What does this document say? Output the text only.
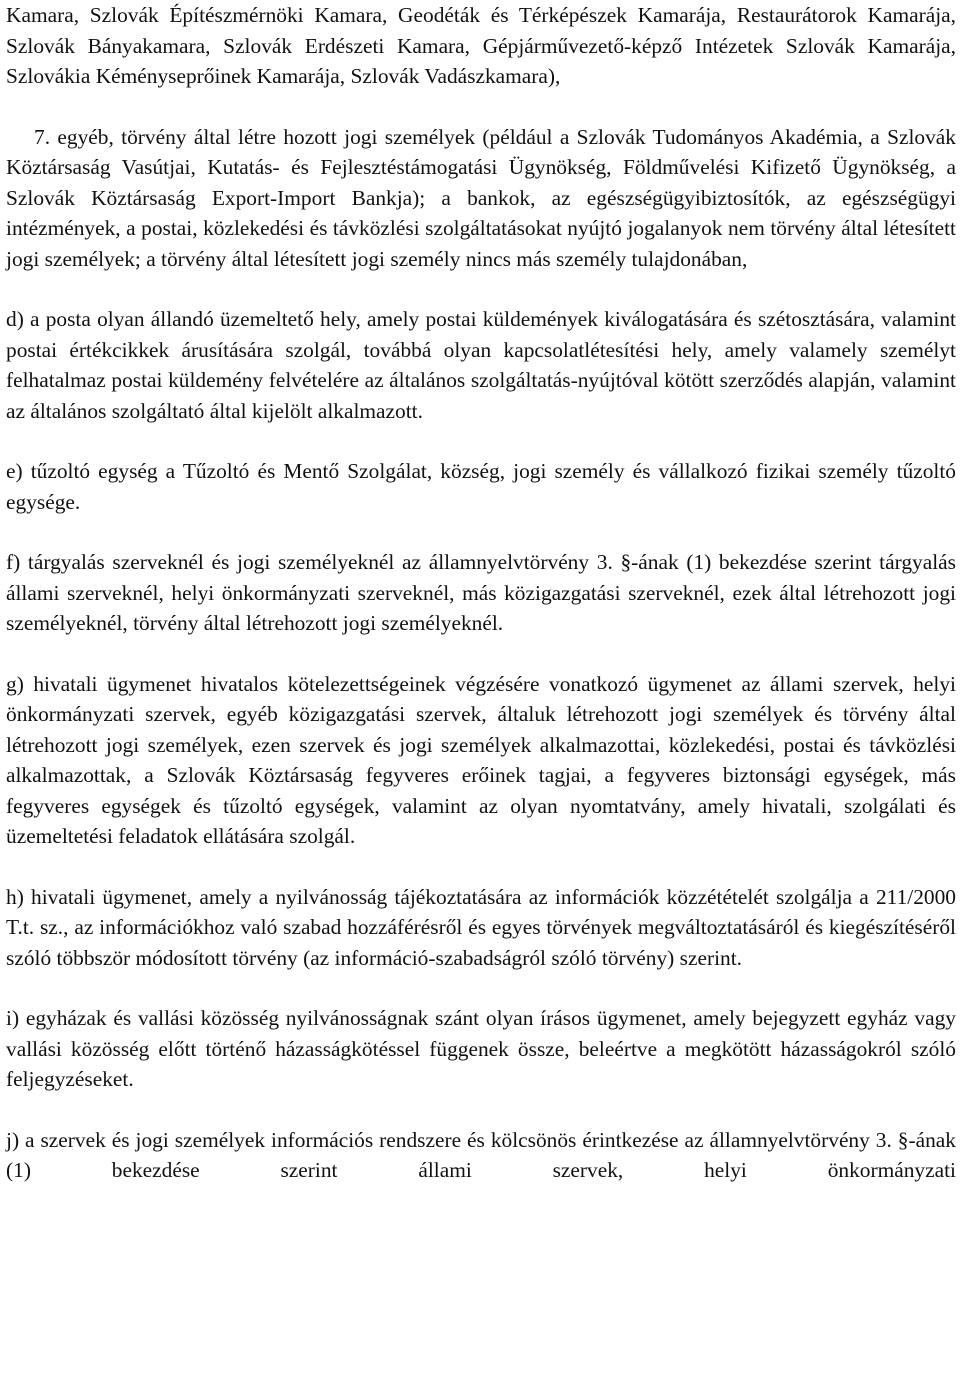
Kamara, Szlovák Építészmérnöki Kamara, Geodéták és Térképészek Kamarája, Restaurátorok Kamarája, Szlovák Bányakamara, Szlovák Erdészeti Kamara, Gépjárművezető-képző Intézetek Szlovák Kamarája, Szlovákia Kéményseprőinek Kamarája, Szlovák Vadászkamara),

7. egyéb, törvény által létre hozott jogi személyek (például a Szlovák Tudományos Akadémia, a Szlovák Köztársaság Vasútjai, Kutatás- és Fejlesztéstámogatási Ügynökség, Földművelési Kifizető Ügynökség, a Szlovák Köztársaság Export-Import Bankja); a bankok, az egészségügyibiztosítók, az egészségügyi intézmények, a postai, közlekedési és távközlési szolgáltatásokat nyújtó jogalanyok nem törvény által létesített jogi személyek; a törvény által létesített jogi személy nincs más személy tulajdonában,

d) a posta olyan állandó üzemeltető hely, amely postai küldemények kiválogatására és szétosztására, valamint postai értékcikkek árusítására szolgál, továbbá olyan kapcsolatlétesítési hely, amely valamely személyt felhatalmaz postai küldemény felvételére az általános szolgáltatás-nyújtóval kötött szerződés alapján, valamint az általános szolgáltató által kijelölt alkalmazott.

e) tűzoltó egység a Tűzoltó és Mentő Szolgálat, község, jogi személy és vállalkozó fizikai személy tűzoltó egysége.

f) tárgyalás szerveknél és jogi személyeknél az államnyelvtörvény 3. §-ának (1) bekezdése szerint tárgyalás állami szerveknél, helyi önkormányzati szerveknél, más közigazgatási szerveknél, ezek által létrehozott jogi személyeknél, törvény által létrehozott jogi személyeknél.

g) hivatali ügymenet hivatalos kötelezettségeinek végzésére vonatkozó ügymenet az állami szervek, helyi önkormányzati szervek, egyéb közigazgatási szervek, általuk létrehozott jogi személyek és törvény által létrehozott jogi személyek, ezen szervek és jogi személyek alkalmazottai, közlekedési, postai és távközlési alkalmazottak, a Szlovák Köztársaság fegyveres erőinek tagjai, a fegyveres biztonsági egységek, más fegyveres egységek és tűzoltó egységek, valamint az olyan nyomtatvány, amely hivatali, szolgálati és üzemeltetési feladatok ellátására szolgál.

h) hivatali ügymenet, amely a nyilvánosság tájékoztatására az információk közzétételét szolgálja a 211/2000 T.t. sz., az információkhoz való szabad hozzáférésről és egyes törvények megváltoztatásáról és kiegészítéséről szóló többször módosított törvény (az információ-szabadságról szóló törvény) szerint.

i) egyházak és vallási közösség nyilvánosságnak szánt olyan írásos ügymenet, amely bejegyzett egyház vagy vallási közösség előtt történő házasságkötéssel függenek össze, beleértve a megkötött házasságokról szóló feljegyzéseket.

j) a szervek és jogi személyek információs rendszere és kölcsönös érintkezése az államnyelvtörvény 3. §-ának (1) bekezdése szerint állami szervek, helyi önkormányzati
